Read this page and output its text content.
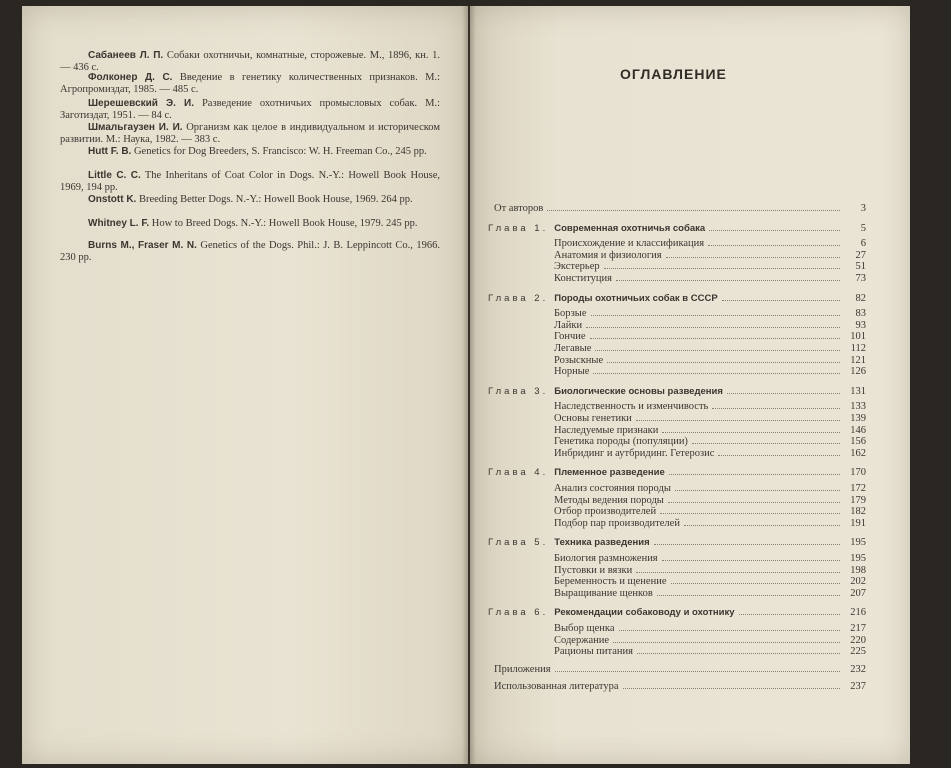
Сабанеев Л. П. Собаки охотничьи, комнатные, сторожевые. М., 1896, кн. 1. — 436 с.
Фолконер Д. С. Введение в генетику количественных признаков. М.: Агропромиздат, 1985. — 485 с.
Шерешевский Э. И. Разведение охотничьих промысловых собак. М.: Заготиздат, 1951. — 84 с.
Шмальгаузен И. И. Организм как целое в индивидуальном и историческом развитии. М.: Наука, 1982. — 383 с.
Hutt F. B. Genetics for Dog Breeders, S. Francisco: W. H. Freeman Co., 245 pp.
Little C. C. The Inheritans of Coat Color in Dogs. N.-Y.: Howell Book House, 1969, 194 pp.
Onstott K. Breeding Better Dogs. N.-Y.: Howell Book House, 1969. 264 pp.
Whitney L. F. How to Breed Dogs. N.-Y.: Howell Book House, 1979. 245 pp.
Burns M., Fraser M. N. Genetics of the Dogs. Phil.: J. B. Leppincott Co., 1966. 230 pp.
ОГЛАВЛЕНИЕ
От авторов	3
Глава 1. Современная охотничья собака	5
Происхождение и классификация	6
Анатомия и физиология	27
Экстерьер	51
Конституция	73
Глава 2. Породы охотничьих собак в СССР	82
Борзые	83
Лайки	93
Гончие	101
Легавые	112
Розыскные	121
Норные	126
Глава 3. Биологические основы разведения	131
Наследственность и изменчивость	133
Основы генетики	139
Наследуемые признаки	146
Генетика породы (популяции)	156
Инбридинг и аутбридинг. Гетерозис	162
Глава 4. Племенное разведение	170
Анализ состояния породы	172
Методы ведения породы	179
Отбор производителей	182
Подбор пар производителей	191
Глава 5. Техника разведения	195
Биология размножения	195
Пустовки и вязки	198
Беременность и щенение	202
Выращивание щенков	207
Глава 6. Рекомендации собаководу и охотнику	216
Выбор щенка	217
Содержание	220
Рационы питания	225
Приложения	232
Использованная литература	237
